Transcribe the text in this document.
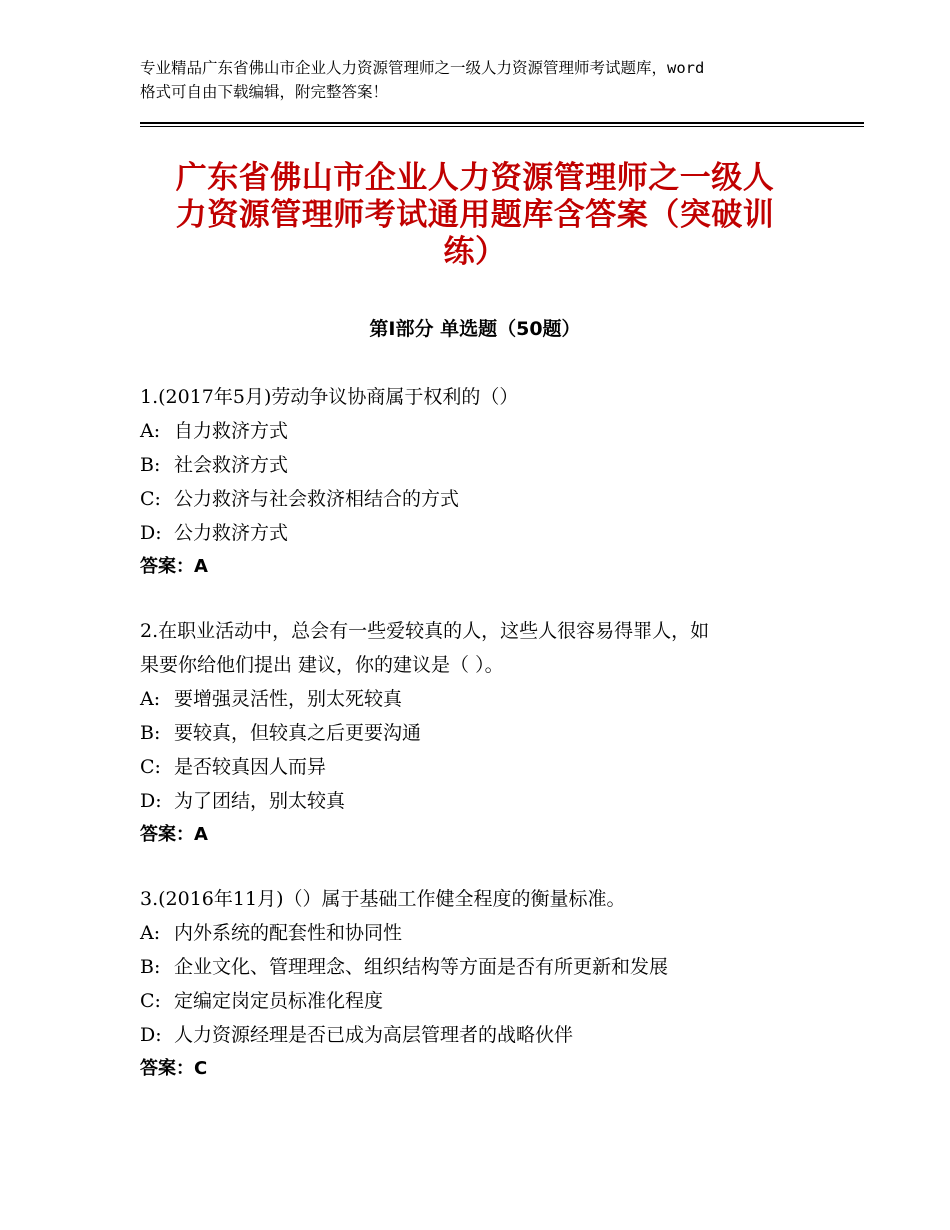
专业精品广东省佛山市企业人力资源管理师之一级人力资源管理师考试题库，word
格式可自由下载编辑，附完整答案！
广东省佛山市企业人力资源管理师之一级人
力资源管理师考试通用题库含答案（突破训
练）
第Ⅰ部分 单选题（50题）
1.(2017年5月)劳动争议协商属于权利的（）
A: 自力救济方式
B: 社会救济方式
C: 公力救济与社会救济相结合的方式
D: 公力救济方式
答案：A
2.在职业活动中，总会有一些爱较真的人，这些人很容易得罪人，如
果要你给他们提出 建议，你的建议是（ ）。
A: 要增强灵活性，别太死较真
B: 要较真，但较真之后更要沟通
C: 是否较真因人而异
D: 为了团结，别太较真
答案：A
3.(2016年11月)（）属于基础工作健全程度的衡量标准。
A: 内外系统的配套性和协同性
B: 企业文化、管理理念、组织结构等方面是否有所更新和发展
C: 定编定岗定员标准化程度
D: 人力资源经理是否已成为高层管理者的战略伙伴
答案：C
